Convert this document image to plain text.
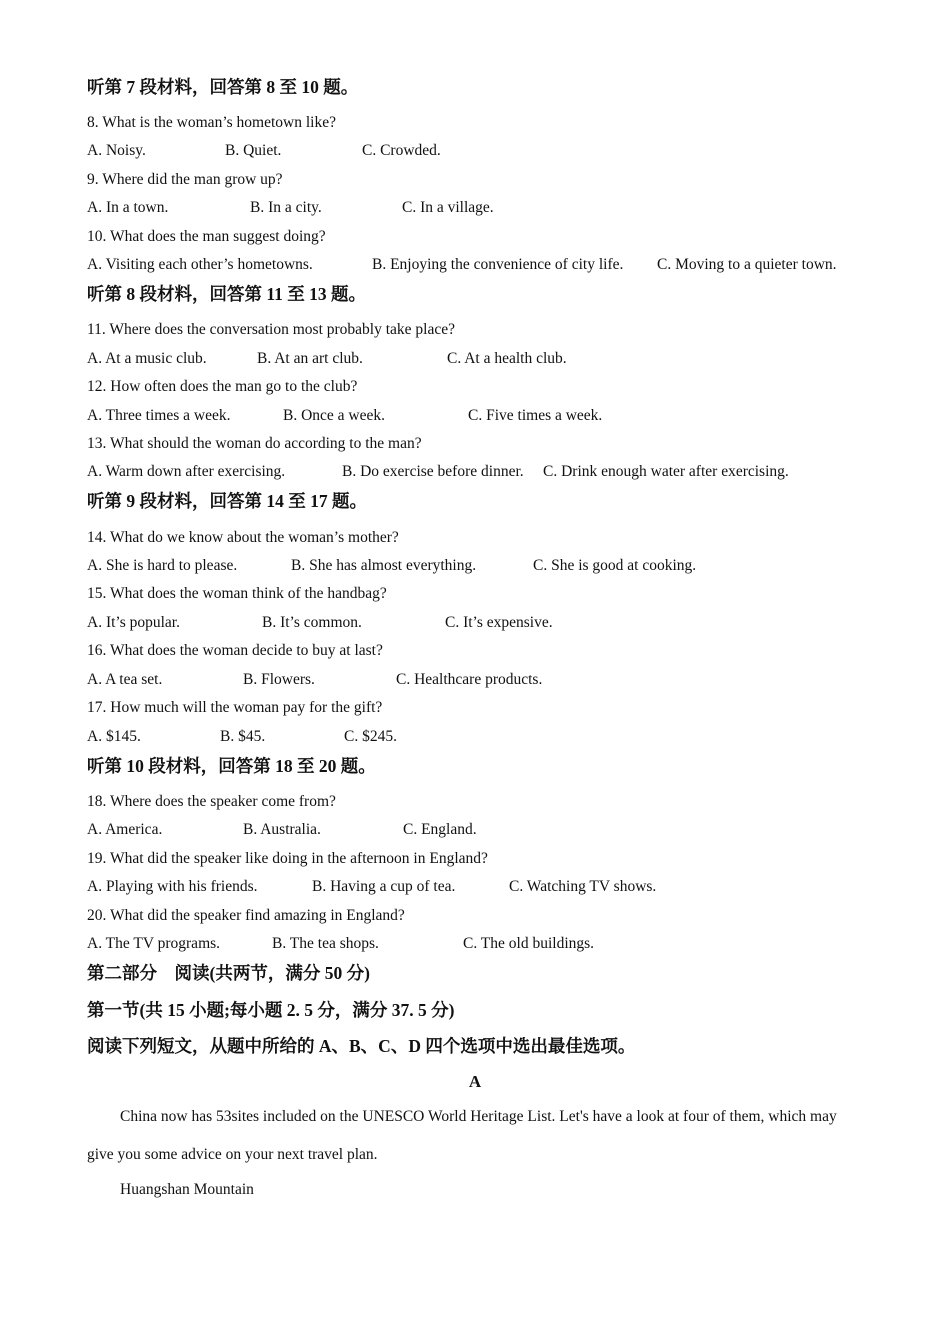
听第 7 段材料，回答第 8 至 10 题。
8. What is the woman’s hometown like?
A. Noisy.	B. Quiet.	C. Crowded.
9. Where did the man grow up?
A. In a town.	B. In a city.	C. In a village.
10. What does the man suggest doing?
A. Visiting each other’s hometowns.	B. Enjoying the convenience of city life. C. Moving to a quieter town.
听第 8 段材料，回答第 11 至 13 题。
11. Where does the conversation most probably take place?
A. At a music club.	B. At an art club.	C. At a health club.
12. How often does the man go to the club?
A. Three times a week.	B. Once a week.	C. Five times a week.
13. What should the woman do according to the man?
A. Warm down after exercising.	B. Do exercise before dinner. C. Drink enough water after exercising.
听第 9 段材料，回答第 14 至 17 题。
14. What do we know about the woman’s mother?
A. She is hard to please.	B. She has almost everything.	C. She is good at cooking.
15. What does the woman think of the handbag?
A. It’s popular.	B. It’s common.	C. It’s expensive.
16. What does the woman decide to buy at last?
A. A tea set.	B. Flowers.	C. Healthcare products.
17. How much will the woman pay for the gift?
A. $145.	B. $45.	C. $245.
听第 10 段材料，回答第 18 至 20 题。
18. Where does the speaker come from?
A. America.	B. Australia.	C. England.
19. What did the speaker like doing in the afternoon in England?
A. Playing with his friends.	B. Having a cup of tea.	C. Watching TV shows.
20. What did the speaker find amazing in England?
A. The TV programs.	B. The tea shops.	C. The old buildings.
第二部分　阅读(共两节，满分 50 分)
第一节(共 15 小题;每小题 2. 5 分，满分 37. 5 分)
阅读下列短文，从题中所给的 A、B、C、D 四个选项中选出最佳选项。
A

China now has 53sites included on the UNESCO World Heritage List. Let's have a look at four of them, which may give you some advice on your next travel plan.

Huangshan Mountain
